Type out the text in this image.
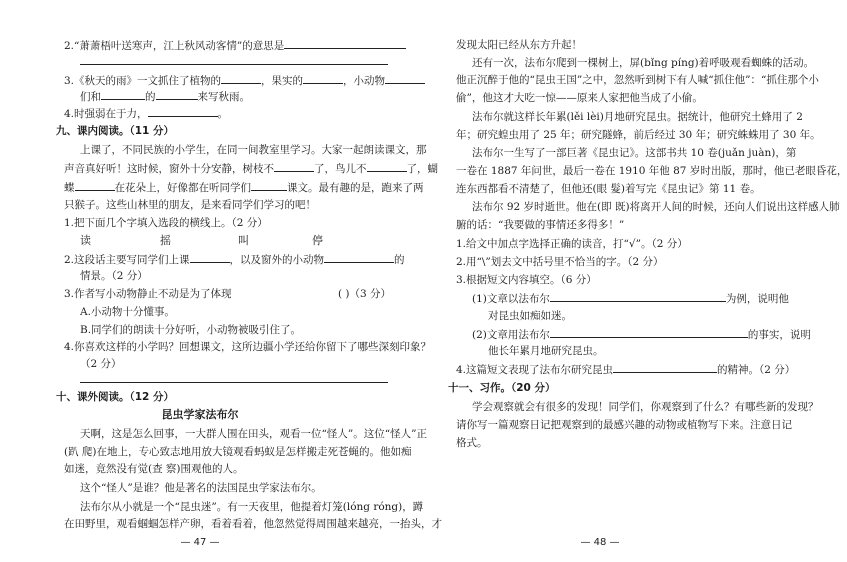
2.“萧萧梧叶送寒声，江上秋风动客情”的意思是
3.《秋天的雨》一文抓住了植物的	，果实的	，小动物
们和	的	来写秋雨。
4.时强弱在于力，	。
九、课内阅读。（11 分）
上课了，不同民族的小学生，在同一间教室里学习。大家一起朗读课文，那
声音真好听！这时候，窗外十分安静，树枝不	了，鸟儿不	了，蝴
蝶	在花朵上，好像都在听同学们	课文。最有趣的是，跑来了两
只猴子。这些山林里的朋友，是来看同学们学习的吧！
1.把下面几个字填入选段的横线上。（2 分）
读	摇	叫	停
2.这段话主要写同学们上课	，以及窗外的小动物	的
情景。（2 分）
3.作者写小动物静止不动是为了体现	( )（3 分）
A.小动物十分懂事。
B.同学们的朗读十分好听，小动物被吸引住了。
4.你喜欢这样的小学吗？回想课文，这所边疆小学还给你留下了哪些深刻印象？
（2 分）
十、课外阅读。（12 分）
昆虫学家法布尔
天啊，这是怎么回事，一大群人围在田头，观看一位“怪人”。这位“怪人”正
(趴 爬)在地上，专心致志地用放大镜观看蚂蚁是怎样搬走死苍蝇的。他如痴
如迷，竟然没有觉(查 察)围观他的人。
这个“怪人”是谁？他是著名的法国昆虫学家法布尔。
法布尔从小就是一个“昆虫迷”。有一天夜里，他提着灯笼(lóng róng)，蹲
在田野里，观看蝈蝈怎样产卵，看着看着，他忽然觉得周围越来越亮，一抬头，才
— 47 —
发现太阳已经从东方升起！
还有一次，法布尔爬到一棵树上，屏(bǐng píng)着呼吸观看蜘蛛的活动。
他正沉醉于他的“昆虫王国”之中，忽然听到树下有人喊“抓住他”：“抓住那个小
偷”，他这才大吃一惊——原来人家把他当成了小偷。
法布尔就这样长年累(lěi lèi)月地研究昆虫。据统计，他研究土蜂用了 2
年；研究蝗虫用了 25 年；研究隧蜂，前后经过 30 年；研究蛛蛛用了 30 年。
法布尔一生写了一部巨著《昆虫记》。这部书共 10 卷(juǎn juàn)，第
一卷在 1887 年问世，最后一卷在 1910 年他 87 岁时出版，那时，他已老眼昏花，
连东西都看不清楚了，但他还(眼 髮)着写完《昆虫记》第 11 卷。
法布尔 92 岁时逝世。他在(即 既)将离开人间的时候，还向人们说出这样感人肺
腑的话：“我要做的事情还多得多！”
1.给文中加点字选择正确的读音，打“√”。（2 分）
2.用“\”划去文中括号里不恰当的字。（2 分）
3.根据短文内容填空。（6 分）
(1)文章以法布尔	为例，说明他
对昆虫如痴如迷。
(2)文章用法布尔	的事实，说明
他长年累月地研究昆虫。
4.这篇短文表现了法布尔研究昆虫	的精神。（2 分）
十一、习作。（20 分）
学会观察就会有很多的发现！同学们，你观察到了什么？有哪些新的发现？
请你写一篇观察日记把观察到的最感兴趣的动物或植物写下来。注意日记
格式。
— 48 —
